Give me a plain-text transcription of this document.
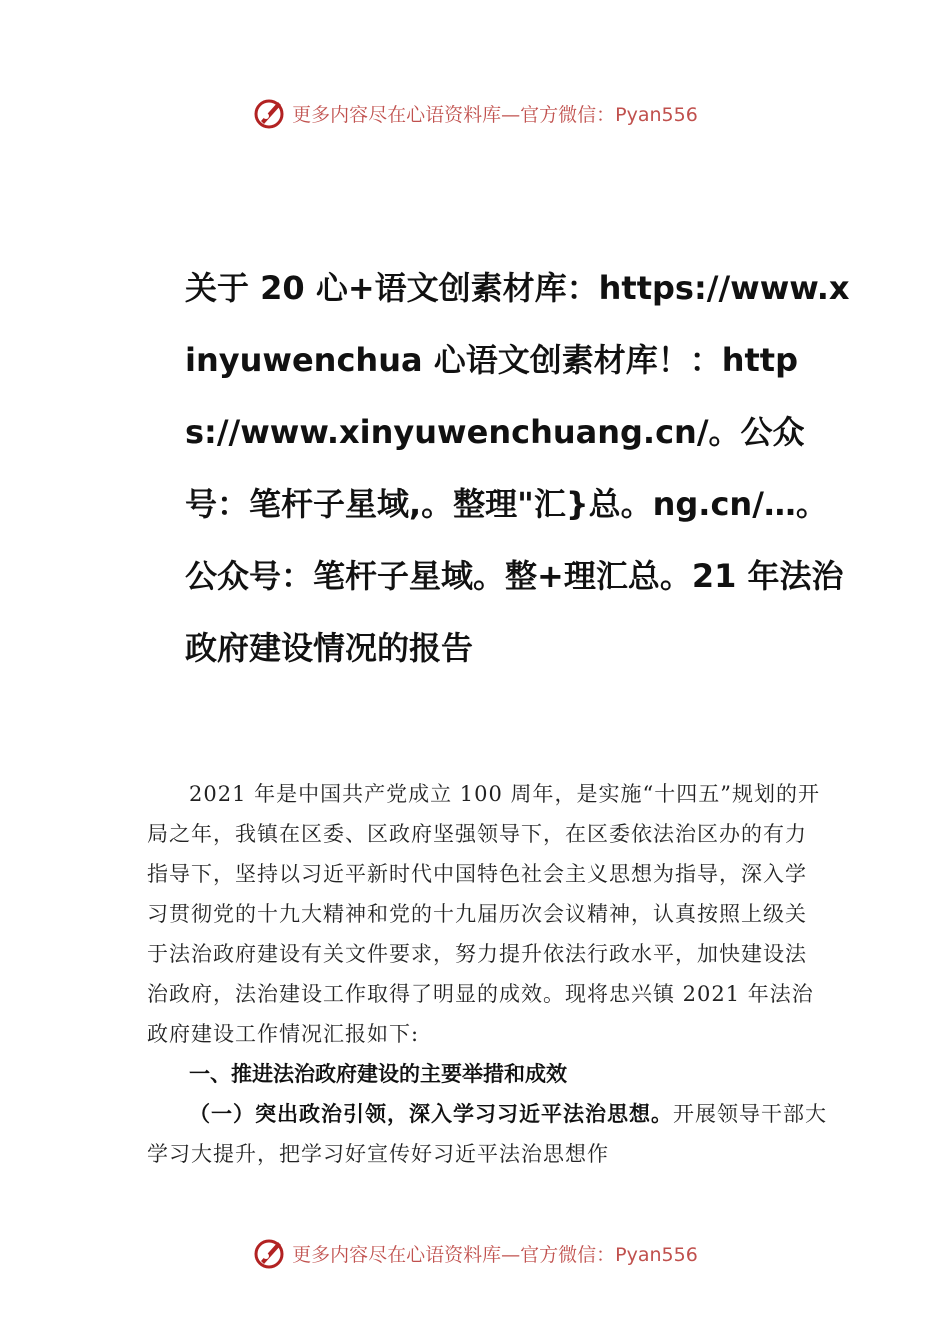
更多内容尽在心语资料库—官方微信：Pyan556
关于 20 心+语文创素材库：https://www.xinyuwenchua 心语文创素材库！：https://www.xinyuwenchuang.cn/。公众号：笔杆子星域,。整理"汇}总。ng.cn/…。公众号：笔杆子星域。整+理汇总。21 年法治政府建设情况的报告

2021 年是中国共产党成立 100 周年，是实施“十四五”规划的开局之年，我镇在区委、区政府坚强领导下，在区委依法治区办的有力指导下，坚持以习近平新时代中国特色社会主义思想为指导，深入学习贯彻党的十九大精神和党的十九届历次会议精神，认真按照上级关于法治政府建设有关文件要求，努力提升依法行政水平，加快建设法治政府，法治建设工作取得了明显的成效。现将忠兴镇 2021 年法治政府建设工作情况汇报如下:

一、推进法治政府建设的主要举措和成效

（一）突出政治引领，深入学习习近平法治思想。开展领导干部大学习大提升，把学习好宣传好习近平法治思想作

更多内容尽在心语资料库—官方微信：Pyan556
